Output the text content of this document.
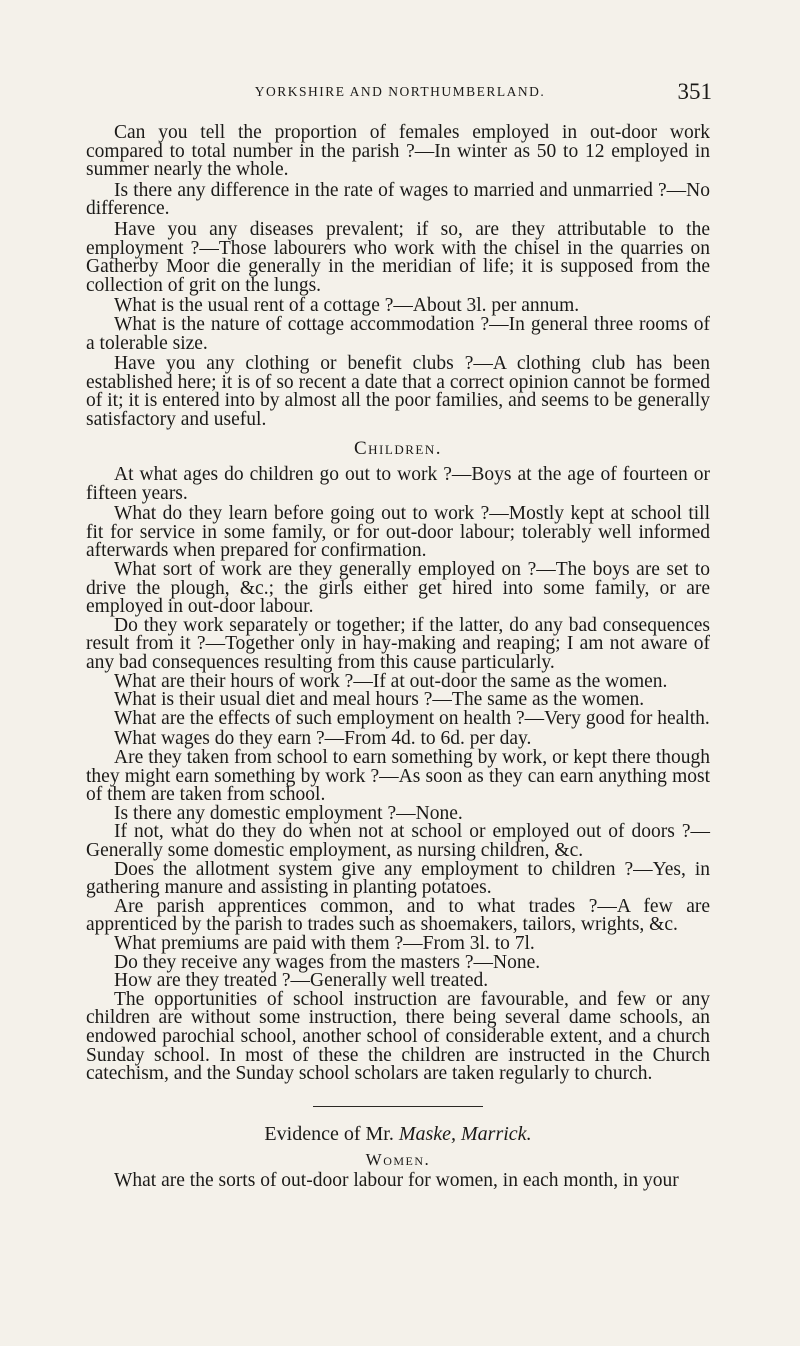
YORKSHIRE AND NORTHUMBERLAND.	351

Can you tell the proportion of females employed in out-door work compared to total number in the parish ?—In winter as 50 to 12 employed in summer nearly the whole.

Is there any difference in the rate of wages to married and unmarried ?—No difference.

Have you any diseases prevalent; if so, are they attributable to the employment ?—Those labourers who work with the chisel in the quarries on Gatherby Moor die generally in the meridian of life; it is supposed from the collection of grit on the lungs.

What is the usual rent of a cottage ?—About 3l. per annum.

What is the nature of cottage accommodation ?—In general three rooms of a tolerable size.

Have you any clothing or benefit clubs ?—A clothing club has been established here; it is of so recent a date that a correct opinion cannot be formed of it; it is entered into by almost all the poor families, and seems to be generally satisfactory and useful.

Children.

At what ages do children go out to work ?—Boys at the age of fourteen or fifteen years.

What do they learn before going out to work ?—Mostly kept at school till fit for service in some family, or for out-door labour; tolerably well informed afterwards when prepared for confirmation.

What sort of work are they generally employed on ?—The boys are set to drive the plough, &c.; the girls either get hired into some family, or are employed in out-door labour.

Do they work separately or together; if the latter, do any bad consequences result from it ?—Together only in hay-making and reaping; I am not aware of any bad consequences resulting from this cause particularly.

What are their hours of work ?—If at out-door the same as the women.

What is their usual diet and meal hours ?—The same as the women.

What are the effects of such employment on health ?—Very good for health.

What wages do they earn ?—From 4d. to 6d. per day.

Are they taken from school to earn something by work, or kept there though they might earn something by work ?—As soon as they can earn anything most of them are taken from school.

Is there any domestic employment ?—None.

If not, what do they do when not at school or employed out of doors ?—Generally some domestic employment, as nursing children, &c.

Does the allotment system give any employment to children ?—Yes, in gathering manure and assisting in planting potatoes.

Are parish apprentices common, and to what trades ?—A few are apprenticed by the parish to trades such as shoemakers, tailors, wrights, &c.

What premiums are paid with them ?—From 3l. to 7l.

Do they receive any wages from the masters ?—None.

How are they treated ?—Generally well treated.

The opportunities of school instruction are favourable, and few or any children are without some instruction, there being several dame schools, an endowed parochial school, another school of considerable extent, and a church Sunday school. In most of these the children are instructed in the Church catechism, and the Sunday school scholars are taken regularly to church.

Evidence of Mr. Maske, Marrick.
Women.

What are the sorts of out-door labour for women, in each month, in your
